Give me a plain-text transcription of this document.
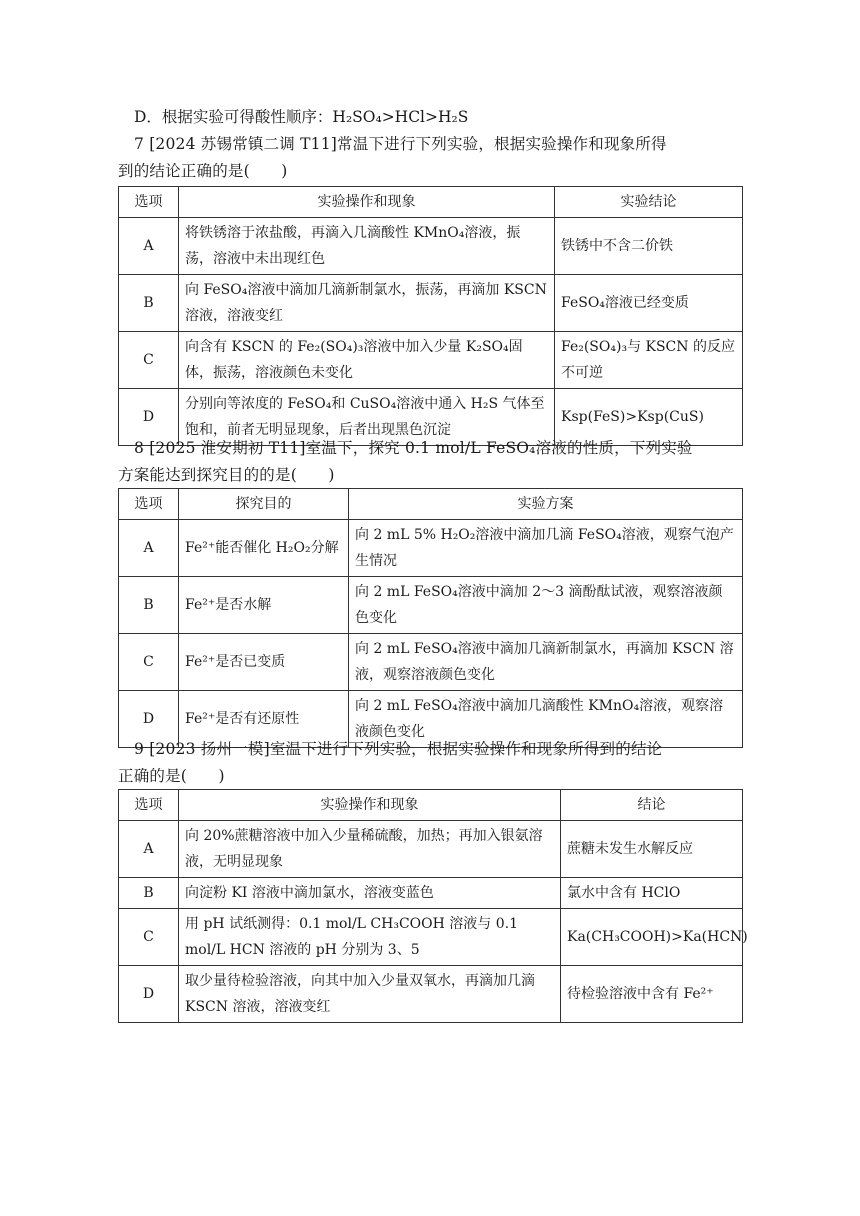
D．根据实验可得酸性顺序：H₂SO₄>HCl>H₂S
7 [2024 苏锡常镇二调 T11]常温下进行下列实验，根据实验操作和现象所得
到的结论正确的是(　　)
选项	实验操作和现象	实验结论
A	将铁锈溶于浓盐酸，再滴入几滴酸性 KMnO₄溶液，振荡，溶液中未出现红色	铁锈中不含二价铁
B	向 FeSO₄溶液中滴加几滴新制氯水，振荡，再滴加 KSCN 溶液，溶液变红	FeSO₄溶液已经变质
C	向含有 KSCN 的 Fe₂(SO₄)₃溶液中加入少量 K₂SO₄固体，振荡，溶液颜色未变化	Fe₂(SO₄)₃与 KSCN 的反应不可逆
D	分别向等浓度的 FeSO₄和 CuSO₄溶液中通入 H₂S 气体至饱和，前者无明显现象，后者出现黑色沉淀	Ksp(FeS)>Ksp(CuS)
8 [2025 淮安期初 T11]室温下，探究 0.1 mol/L FeSO₄溶液的性质，下列实验
方案能达到探究目的的是(　　)
选项	探究目的	实验方案
A	Fe²⁺能否催化 H₂O₂分解	向 2 mL 5% H₂O₂溶液中滴加几滴 FeSO₄溶液，观察气泡产生情况
B	Fe²⁺是否水解	向 2 mL FeSO₄溶液中滴加 2～3 滴酚酞试液，观察溶液颜色变化
C	Fe²⁺是否已变质	向 2 mL FeSO₄溶液中滴加几滴新制氯水，再滴加 KSCN 溶液，观察溶液颜色变化
D	Fe²⁺是否有还原性	向 2 mL FeSO₄溶液中滴加几滴酸性 KMnO₄溶液，观察溶液颜色变化
9 [2023 扬州一模]室温下进行下列实验，根据实验操作和现象所得到的结论
正确的是(　　)
选项	实验操作和现象	结论
A	向 20%蔗糖溶液中加入少量稀硫酸，加热；再加入银氨溶液，无明显现象	蔗糖未发生水解反应
B	向淀粉 KI 溶液中滴加氯水，溶液变蓝色	氯水中含有 HClO
C	用 pH 试纸测得：0.1 mol/L CH₃COOH 溶液与 0.1 mol/L HCN 溶液的 pH 分别为 3、5	Ka(CH₃COOH)>Ka(HCN)
D	取少量待检验溶液，向其中加入少量双氧水，再滴加几滴 KSCN 溶液，溶液变红	待检验溶液中含有 Fe²⁺
